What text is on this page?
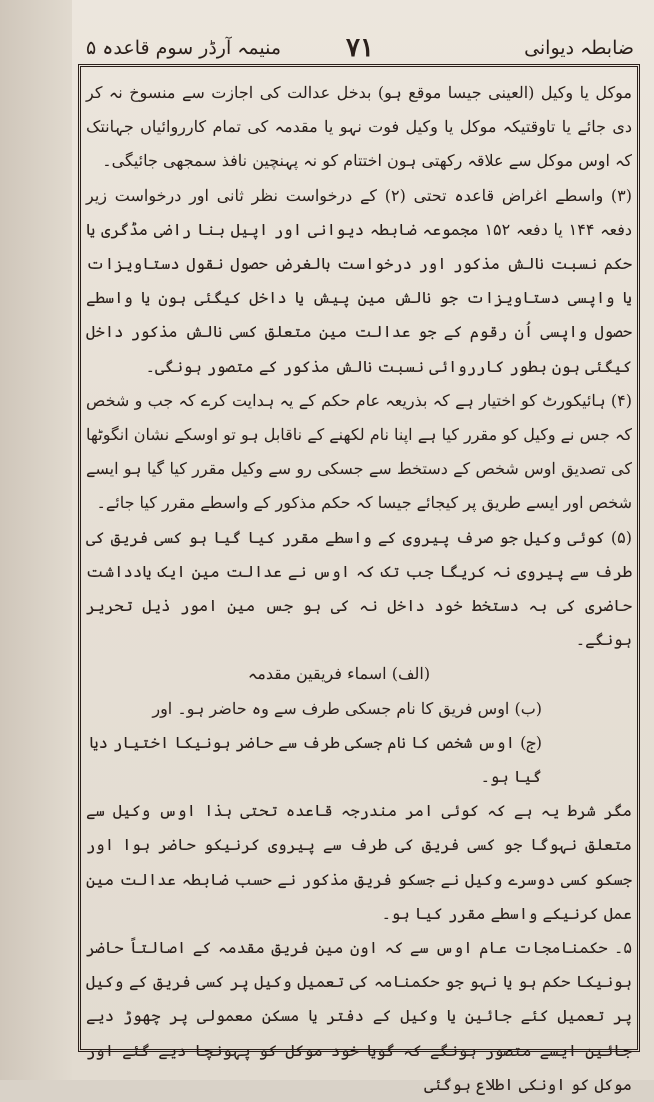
منیمہ آرڈر سوم قاعدہ ۵	۷۱	ضابطہ دیوانی

موکل یا وکیل (العینی جیسا موقع ہو) بدخل عدالت کی اجازت سے منسوخ نہ کر دی جائے یا تاوقتیکہ موکل یا وکیل فوت نہو یا مقدمہ کی تمام کارروائیاں جہانتک کہ اوس موکل سے علاقہ رکھتی ہون اختتام کو نہ پہنچین نافذ سمجھی جائیگی۔

(۳) واسطے اغراض قاعدہ تحتی (۲) کے درخواست نظر ثانی اور درخواست زیر دفعہ ۱۴۴ یا دفعہ ۱۵۲ مجموعہ ضابطہ دیوانی اور اپیل بنا راضی مڈگری یا حکم نسبت نالش مذکور اور درخواست بالغرض حصول نقول دستاویزات یا واپسی دستاویزات جو نالش مین پیش یا داخل کیگئی ہون یا واسطے حصول واپسی اُن رقوم کے جو عدالت مین متعلق کسی نالش مذکور داخل کیگئی ہون بطور کارروائی نسبت نالش مذکور کے متصور ہونگی۔

(۴) ہائیکورٹ کو اختیار ہے کہ بذریعہ عام حکم کے یہ ہدایت کرے کہ جب و شخص کہ جس نے وکیل کو مقرر کیا ہے اپنا نام لکھنے کے ناقابل ہو تو اوسکے نشان انگوٹھا کی تصدیق اوس شخص کے دستخط سے جسکی رو سے وکیل مقرر کیا گیا ہو ایسے شخص اور ایسے طریق پر کیجائے جیسا کہ حکم مذکور کے واسطے مقرر کیا جائے۔

(۵) کوئی وکیل جو صرف پیروی کے واسطے مقرر کیا گیا ہو کسی فریق کی طرف سے پیروی نہ کریگا جب تک کہ اوس نے عدالت مین ایک یادداشت حاضری کی بہ دستخط خود داخل نہ کی ہو جس مین امور ذیل تحریر ہونگے۔

(الف) اسماء فریقین مقدمہ

(ب) اوس فریق کا نام جسکی طرف سے وہ حاضر ہو۔ اور

(ج) اوس شخص کا نام جسکی طرف سے حاضر ہونیکا اختیار دیا گیا ہو۔

مگر شرط یہ ہے کہ کوئی امر مندرجہ قاعدہ تحتی ہذا اوس وکیل سے متعلق نہوگا جو کسی فریق کی طرف سے پیروی کرنیکو حاضر ہوا اور جسکو کسی دوسرے وکیل نے جسکو فریق مذکور نے حسب ضابطہ عدالت مین عمل کرنیکے واسطے مقرر کیا ہو۔

۵۔ حکمنامجات عام اوس سے کہ اون مین فریق مقدمہ کے اصالتاً حاضر ہونیکا حکم ہو یا نہو جو حکمنامہ کی تعمیل وکیل پر کسی فریق کے وکیل پر تعمیل کئے جائین یا وکیل کے دفتر یا مسکن معمولی پر چھوڑ دیے جائین ایسے متصور ہونگے کہ گویا خود موکل کو پہونچا دیے گئے اور موکل کو اونکی اطلاع ہوگئی
